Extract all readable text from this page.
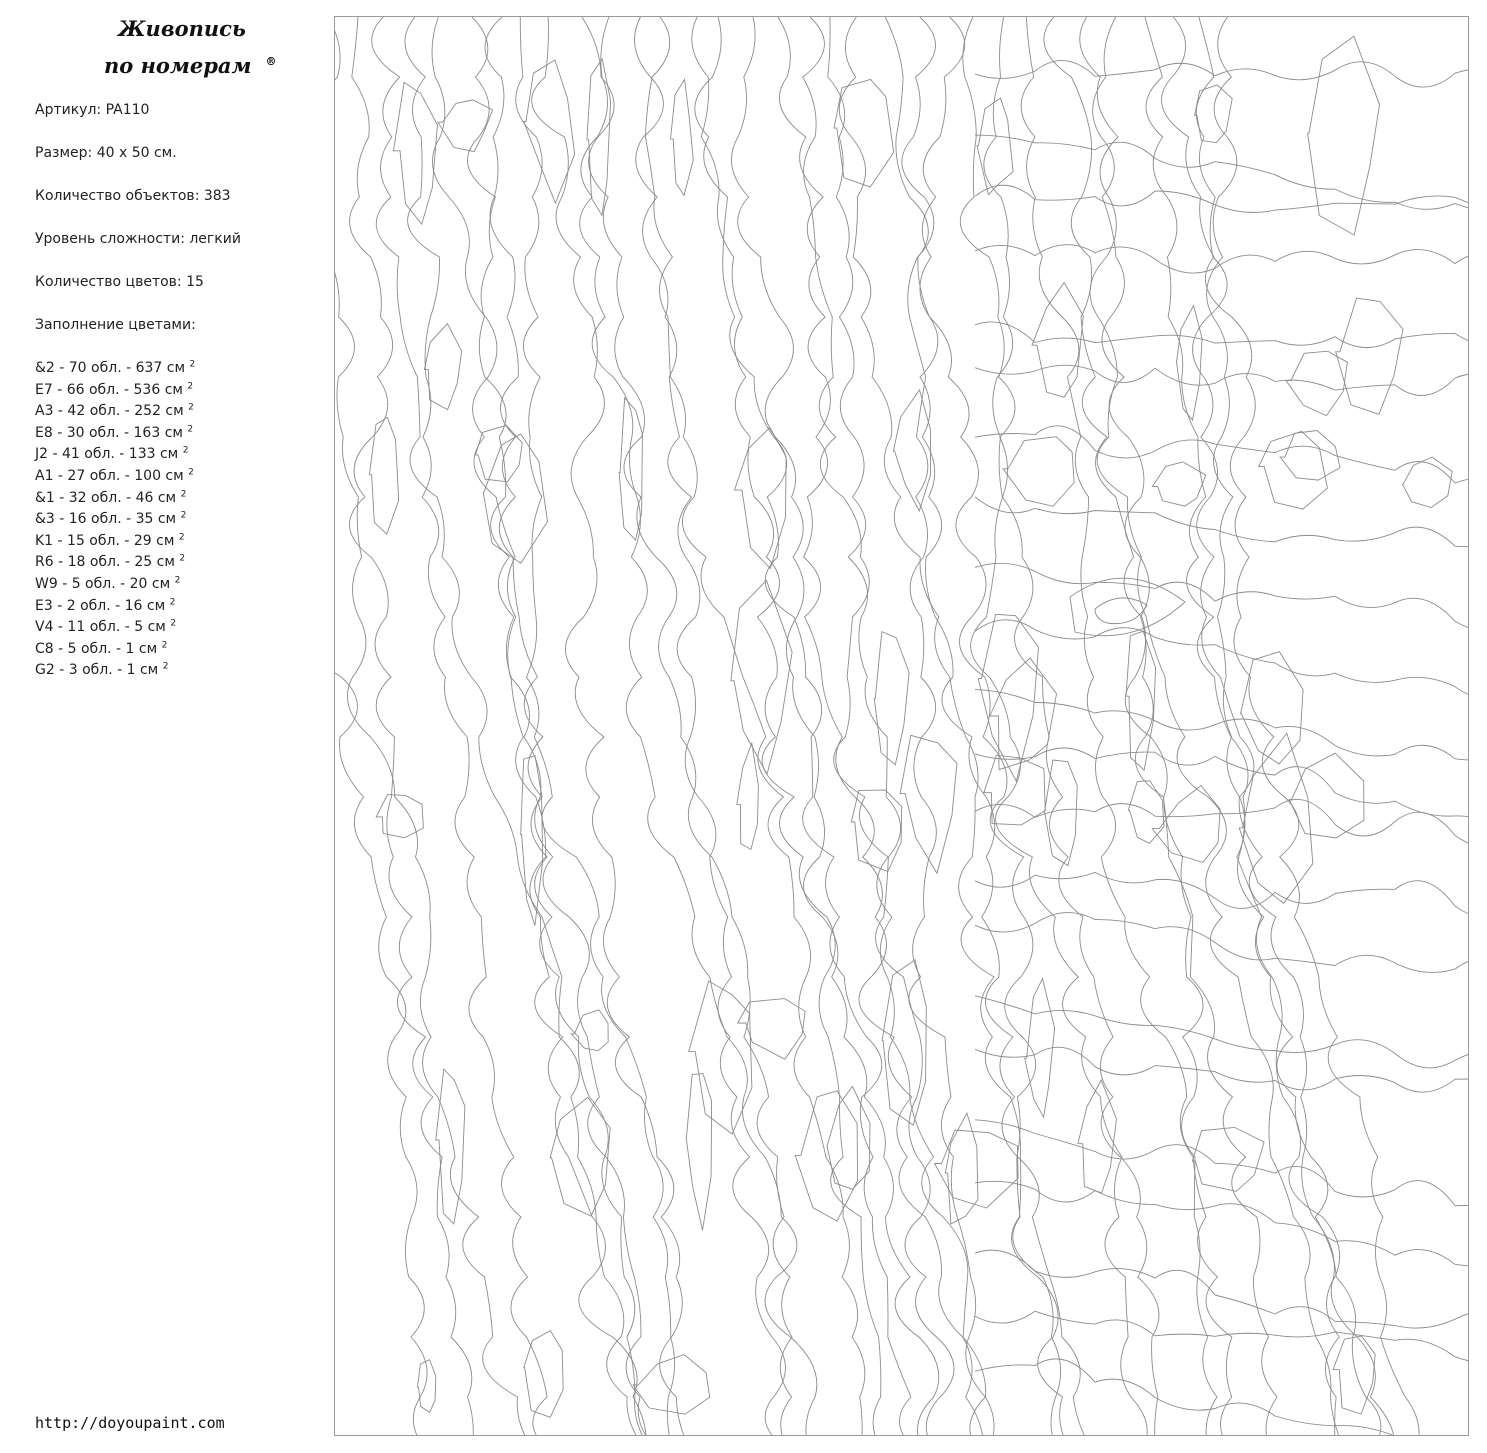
Живопись
по номерам ®
Артикул: PA110
Размер: 40 x 50 см.
Количество объектов: 383
Уровень сложности: легкий
Количество цветов: 15
Заполнение цветами:
&2 - 70 обл. - 637 см $^2$
E7 - 66 обл. - 536 см $^2$
A3 - 42 обл. - 252 см $^2$
E8 - 30 обл. - 163 см $^2$
J2 - 41 обл. - 133 см $^2$
A1 - 27 обл. - 100 см $^2$
&1 - 32 обл. - 46 см $^2$
&3 - 16 обл. - 35 см $^2$
K1 - 15 обл. - 29 см $^2$
R6 - 18 обл. - 25 см $^2$
W9 - 5 обл. - 20 см $^2$
E3 - 2 обл. - 16 см $^2$
V4 - 11 обл. - 5 см $^2$
C8 - 5 обл. - 1 см $^2$
G2 - 3 обл. - 1 см $^2$
http://doyoupaint.com
